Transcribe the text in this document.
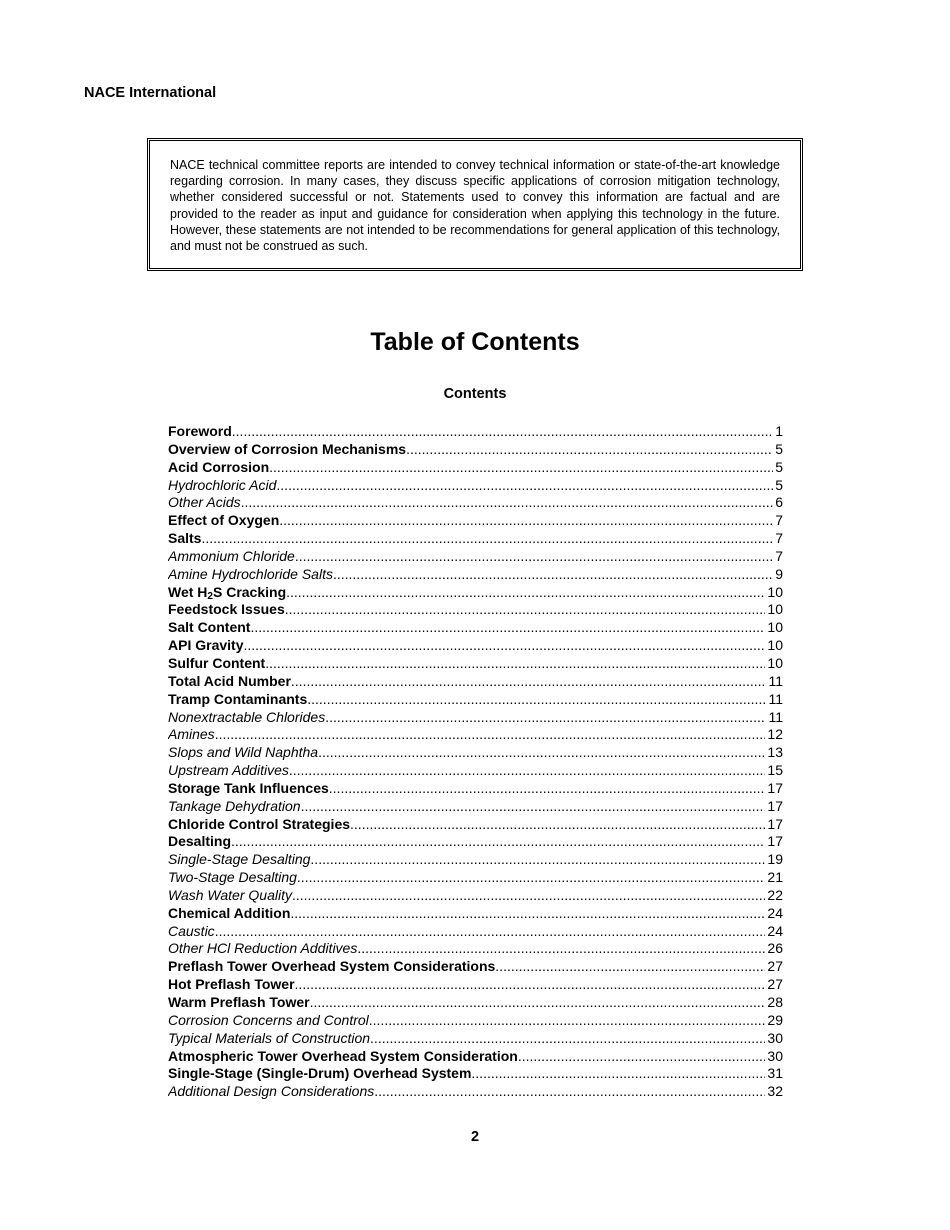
NACE International

NACE technical committee reports are intended to convey technical information or state-of-the-art knowledge regarding corrosion. In many cases, they discuss specific applications of corrosion mitigation technology, whether considered successful or not. Statements used to convey this information are factual and are provided to the reader as input and guidance for consideration when applying this technology in the future. However, these statements are not intended to be recommendations for general application of this technology, and must not be construed as such.

Table of Contents
Contents
Foreword .....	1
Overview of Corrosion Mechanisms .....	5
Acid Corrosion .....	5
Hydrochloric Acid .....	5
Other Acids .....	6
Effect of Oxygen .....	7
Salts .....	7
Ammonium Chloride .....	7
Amine Hydrochloride Salts .....	9
Wet $H_2S$ Cracking .....	10
Feedstock Issues .....	10
Salt Content .....	10
API Gravity .....	10
Sulfur Content .....	10
Total Acid Number .....	11
Tramp Contaminants .....	11
Nonextractable Chlorides .....	11
Amines .....	12
Slops and Wild Naphtha .....	13
Upstream Additives .....	15
Storage Tank Influences .....	17
Tankage Dehydration .....	17
Chloride Control Strategies .....	17
Desalting .....	17
Single-Stage Desalting .....	19
Two-Stage Desalting .....	21
Wash Water Quality .....	22
Chemical Addition .....	24
Caustic .....	24
Other HCl Reduction Additives .....	26
Preflash Tower Overhead System Considerations .....	27
Hot Preflash Tower .....	27
Warm Preflash Tower .....	28
Corrosion Concerns and Control .....	29
Typical Materials of Construction .....	30
Atmospheric Tower Overhead System Consideration .....	30
Single-Stage (Single-Drum) Overhead System .....	31
Additional Design Considerations .....	32

2
